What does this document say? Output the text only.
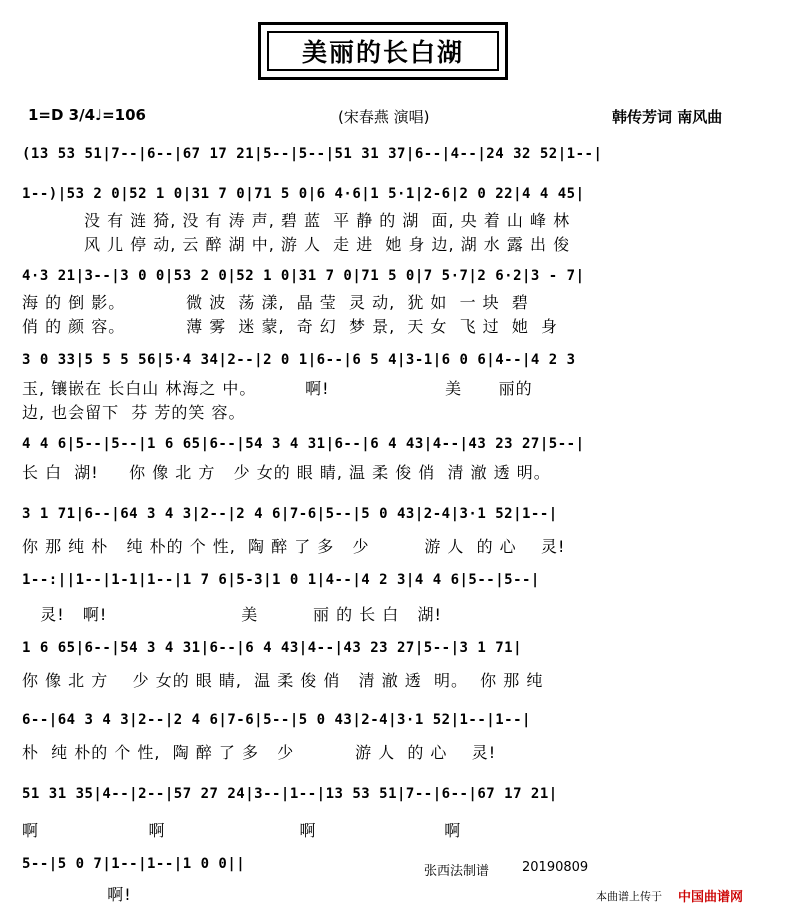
美丽的长白湖
1=D 3/4♩=106	(宋春燕 演唱)	韩传芳词 南风曲
(13 53 51|7--|6--|67 17 21|5--|5--|51 31 37|6--|4--|24 32 52|1--|
1--)|53 2 0|52 1 0|31 7 0|71 5 0|6 4·6|1 5·1|2-6|2 0 22|4 4 45|
没 有 涟 猗, 没 有 涛 声, 碧 蓝  平 静 的 湖  面, 央 着 山 峰 林
风 儿 停 动, 云 醉 湖 中, 游 人  走 进  她 身 边, 湖 水 露 出 俊
4·3 21|3--|3 0 0|53 2 0|52 1 0|31 7 0|71 5 0|7 5·7|2 6·2|3 - 7|
海 的 倒 影。          微 波  荡 漾,  晶 莹  灵 动,  犹 如  一 块  碧
俏 的 颜 容。          薄 雾  迷 蒙,  奇 幻  梦 景,  天 女  飞 过  她  身
3 0 33|5 5 5 56|5·4 34|2--|2 0 1|6--|6 5 4|3-1|6 0 6|4--|4 2 3
玉, 镶嵌在 长白山 林海之 中。        啊!                   美      丽的
边, 也会留下  芬 芳的笑 容。
4 4 6|5--|5--|1 6 65|6--|54 3 4 31|6--|6 4 43|4--|43 23 27|5--|
长 白  湖!     你 像 北 方   少 女的 眼 睛, 温 柔 俊 俏  清 澈 透 明。
3 1 71|6--|64 3 4 3|2--|2 4 6|7-6|5--|5 0 43|2-4|3·1 52|1--|
你 那 纯 朴   纯 朴的 个 性,  陶 醉 了 多   少         游 人  的 心    灵!
1--:||1--|1-1|1--|1 7 6|5-3|1 0 1|4--|4 2 3|4 4 6|5--|5--|
灵!   啊!                      美         丽 的 长 白   湖!
1 6 65|6--|54 3 4 31|6--|6 4 43|4--|43 23 27|5--|3 1 71|
你 像 北 方    少 女的 眼 睛,  温 柔 俊 俏   清 澈 透  明。  你 那 纯
6--|64 3 4 3|2--|2 4 6|7-6|5--|5 0 43|2-4|3·1 52|1--|1--|
朴  纯 朴的 个 性,  陶 醉 了 多   少          游 人  的 心    灵!
51 31 35|4--|2--|57 27 24|3--|1--|13 53 51|7--|6--|67 17 21|
啊                  啊                      啊                     啊
5--|5 0 7|1--|1--|1 0 0||
啊!
张西法制谱	20190809
本曲谱上传于 中国曲谱网
